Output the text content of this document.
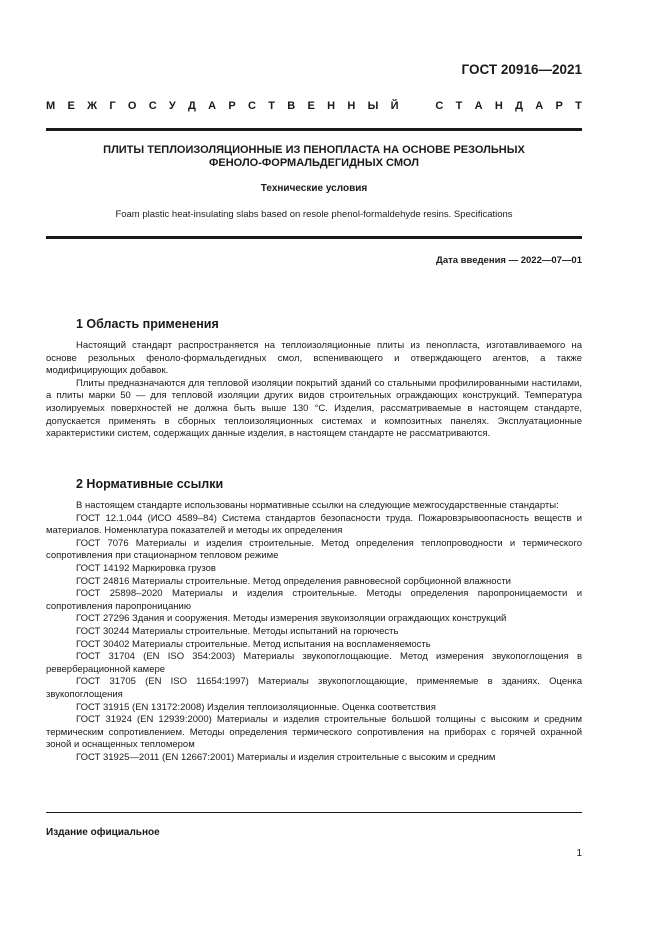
ГОСТ 20916—2021
М Е Ж Г О С У Д А Р С Т В Е Н Н Ы Й	С Т А Н Д А Р Т
ПЛИТЫ ТЕПЛОИЗОЛЯЦИОННЫЕ ИЗ ПЕНОПЛАСТА НА ОСНОВЕ РЕЗОЛЬНЫХ
ФЕНОЛО-ФОРМАЛЬДЕГИДНЫХ СМОЛ
Технические условия
Foam plastic heat-insulating slabs based on resole phenol-formaldehyde resins. Specifications
Дата введения — 2022—07—01
1 Область применения

Настоящий стандарт распространяется на теплоизоляционные плиты из пенопласта, изготавливаемого на основе резольных феноло-формальдегидных смол, вспенивающего и отверждающего агентов, а также модифицирующих добавок.

Плиты предназначаются для тепловой изоляции покрытий зданий со стальными профилированными настилами, а плиты марки 50 — для тепловой изоляции других видов строительных ограждающих конструкций. Температура изолируемых поверхностей не должна быть выше 130 °С. Изделия, рассматриваемые в настоящем стандарте, допускается применять в сборных теплоизоляционных системах и композитных панелях. Эксплуатационные характеристики систем, содержащих данные изделия, в настоящем стандарте не рассматриваются.

2 Нормативные ссылки

В настоящем стандарте использованы нормативные ссылки на следующие межгосударственные стандарты:

ГОСТ 12.1.044 (ИСО 4589–84) Система стандартов безопасности труда. Пожаровзрывоопасность веществ и материалов. Номенклатура показателей и методы их определения

ГОСТ 7076 Материалы и изделия строительные. Метод определения теплопроводности и термического сопротивления при стационарном тепловом режиме

ГОСТ 14192 Маркировка грузов

ГОСТ 24816 Материалы строительные. Метод определения равновесной сорбционной влажности

ГОСТ 25898–2020 Материалы и изделия строительные. Методы определения паропроницаемости и сопротивления паропроницанию

ГОСТ 27296 Здания и сооружения. Методы измерения звукоизоляции ограждающих конструкций

ГОСТ 30244 Материалы строительные. Методы испытаний на горючесть

ГОСТ 30402 Материалы строительные. Метод испытания на воспламеняемость

ГОСТ 31704 (EN ISO 354:2003) Материалы звукопоглощающие. Метод измерения звукопоглощения в реверберационной камере

ГОСТ 31705 (EN ISO 11654:1997) Материалы звукопоглощающие, применяемые в зданиях. Оценка звукопоглощения

ГОСТ 31915 (EN 13172:2008) Изделия теплоизоляционные. Оценка соответствия

ГОСТ 31924 (EN 12939:2000) Материалы и изделия строительные большой толщины с высоким и средним термическим сопротивлением. Методы определения термического сопротивления на приборах с горячей охранной зоной и оснащенных тепломером

ГОСТ 31925—2011 (EN 12667:2001) Материалы и изделия строительные с высоким и средним

Издание официальное
1
